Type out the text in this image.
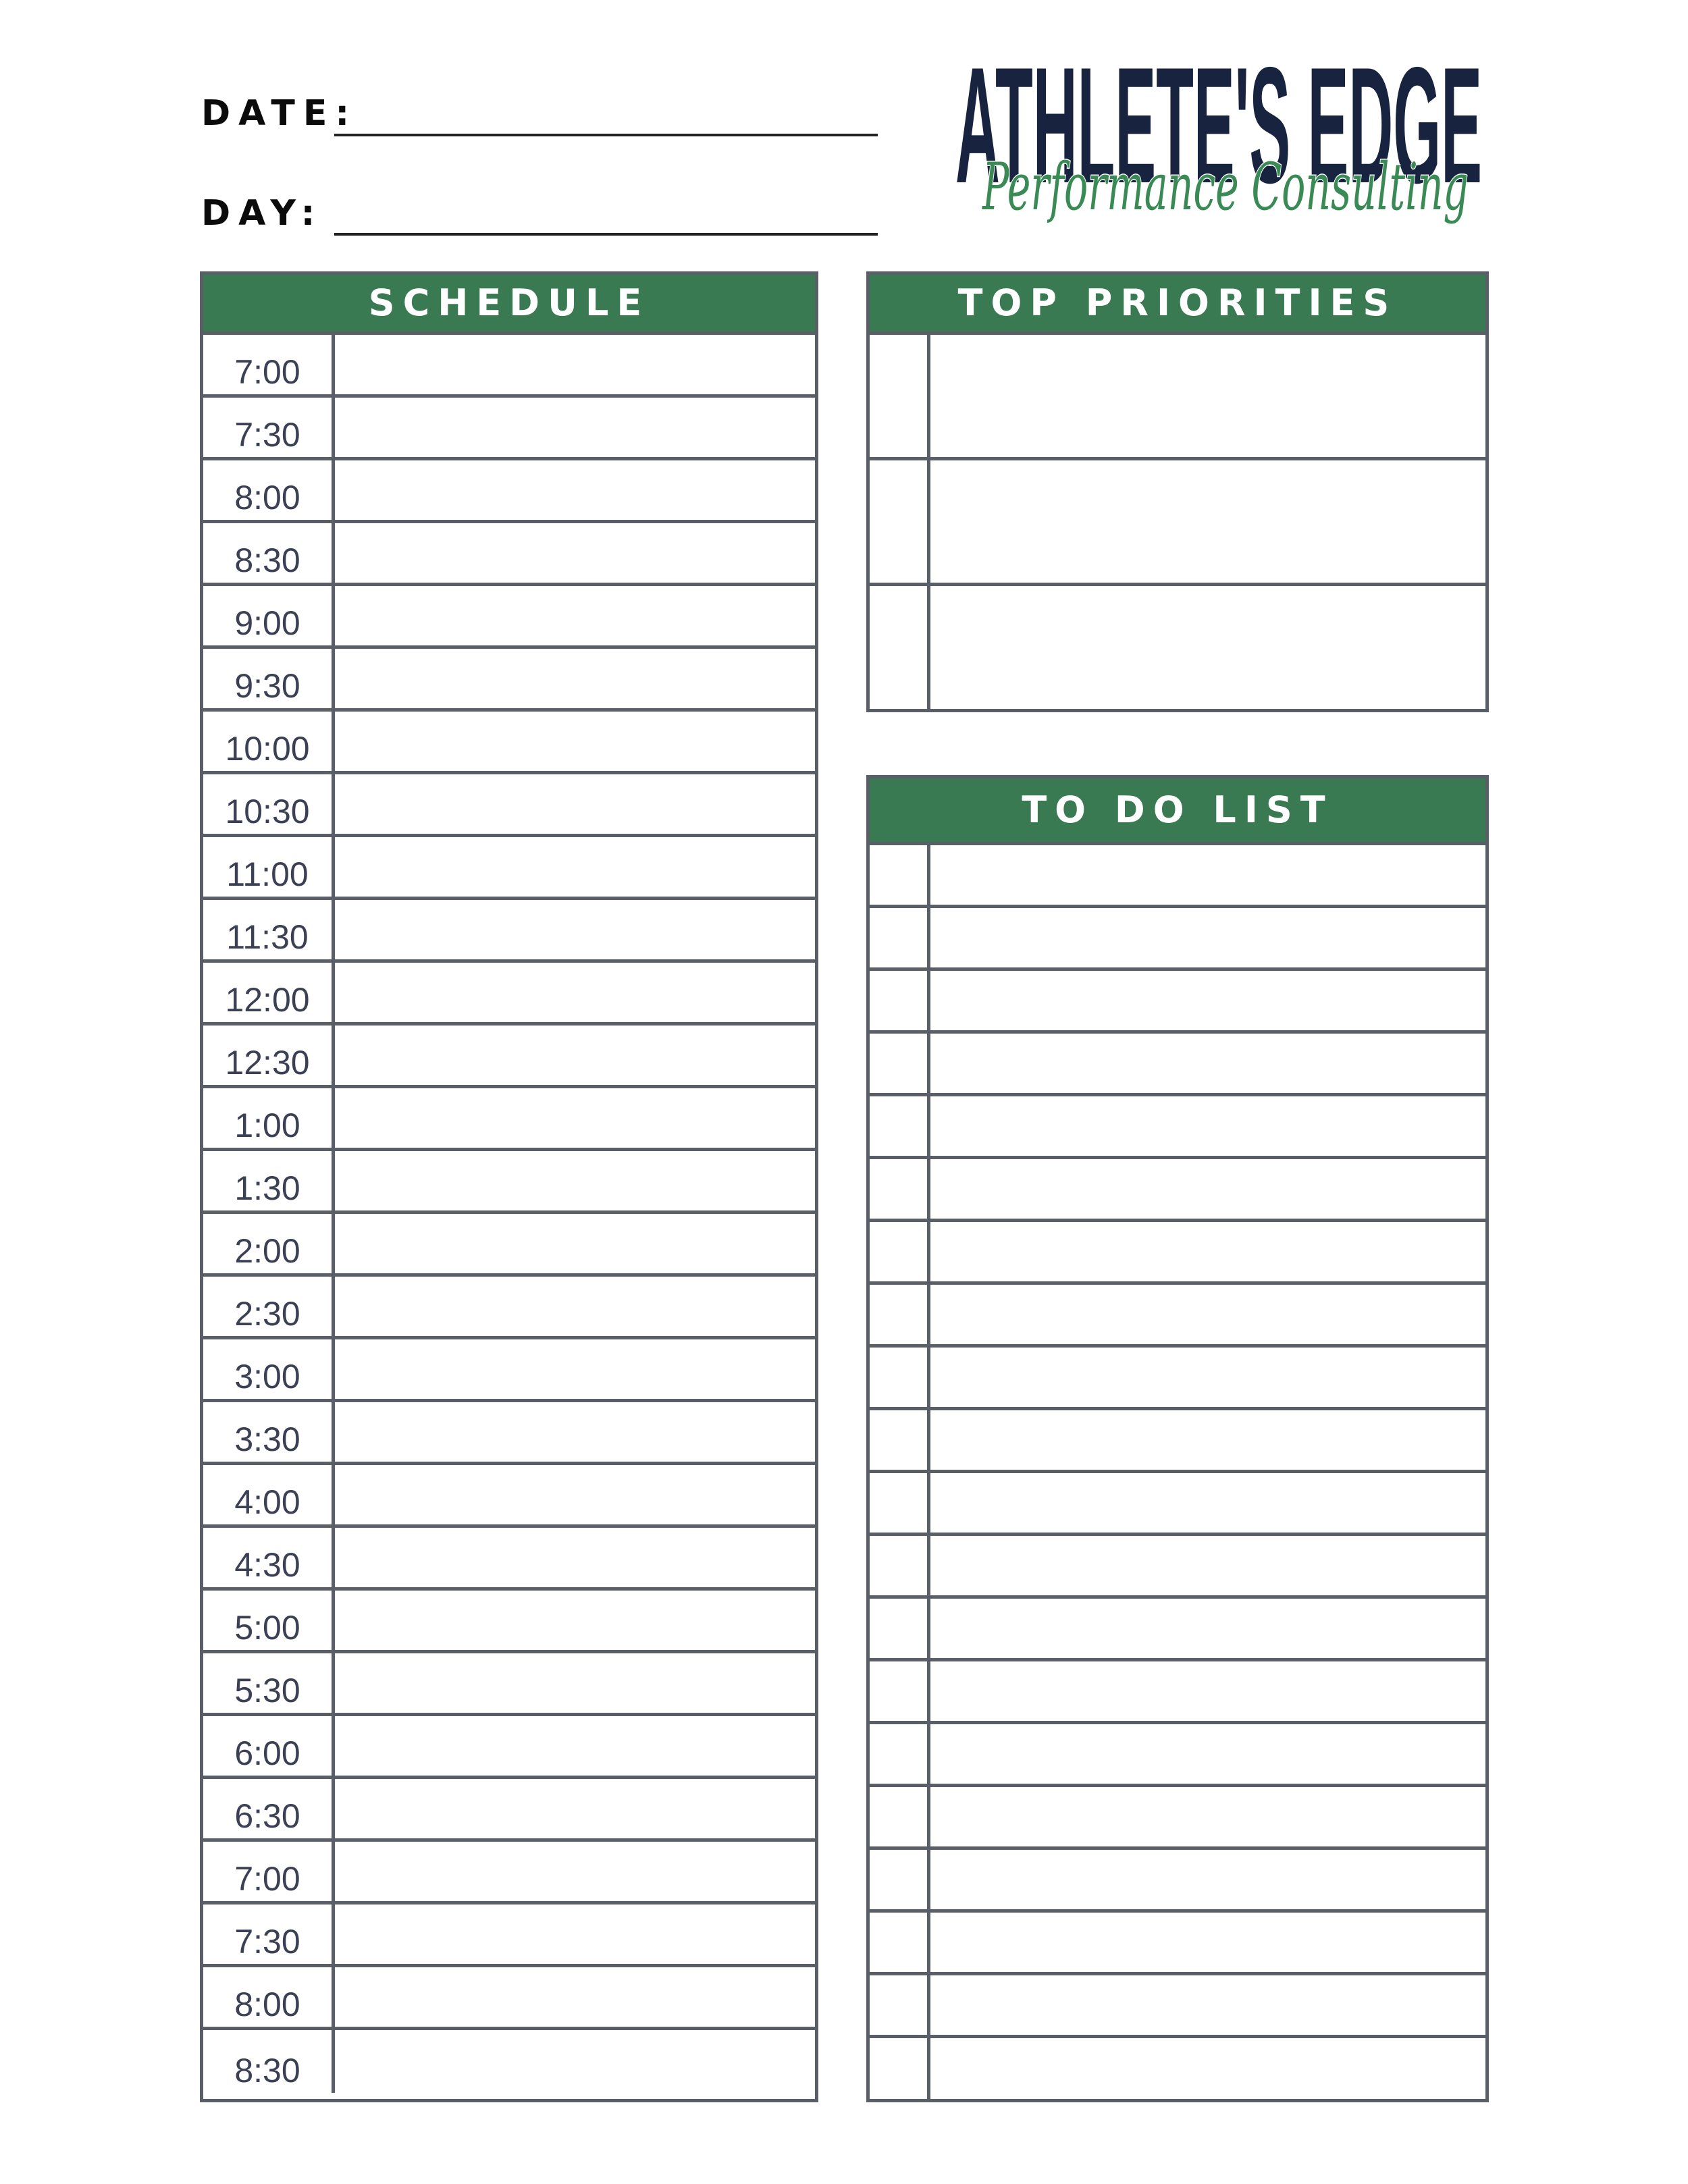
DATE:
DAY:	ATHLETE'S EDGE
Performance Consulting
SCHEDULE
7:00
7:30
8:00
8:30
9:00
9:30
10:00
10:30
11:00
11:30
12:00
12:30
1:00
1:30
2:00
2:30
3:00
3:30
4:00
4:30
5:00
5:30
6:00
6:30
7:00
7:30
8:00
8:30
TOP PRIORITIES
TO DO LIST
